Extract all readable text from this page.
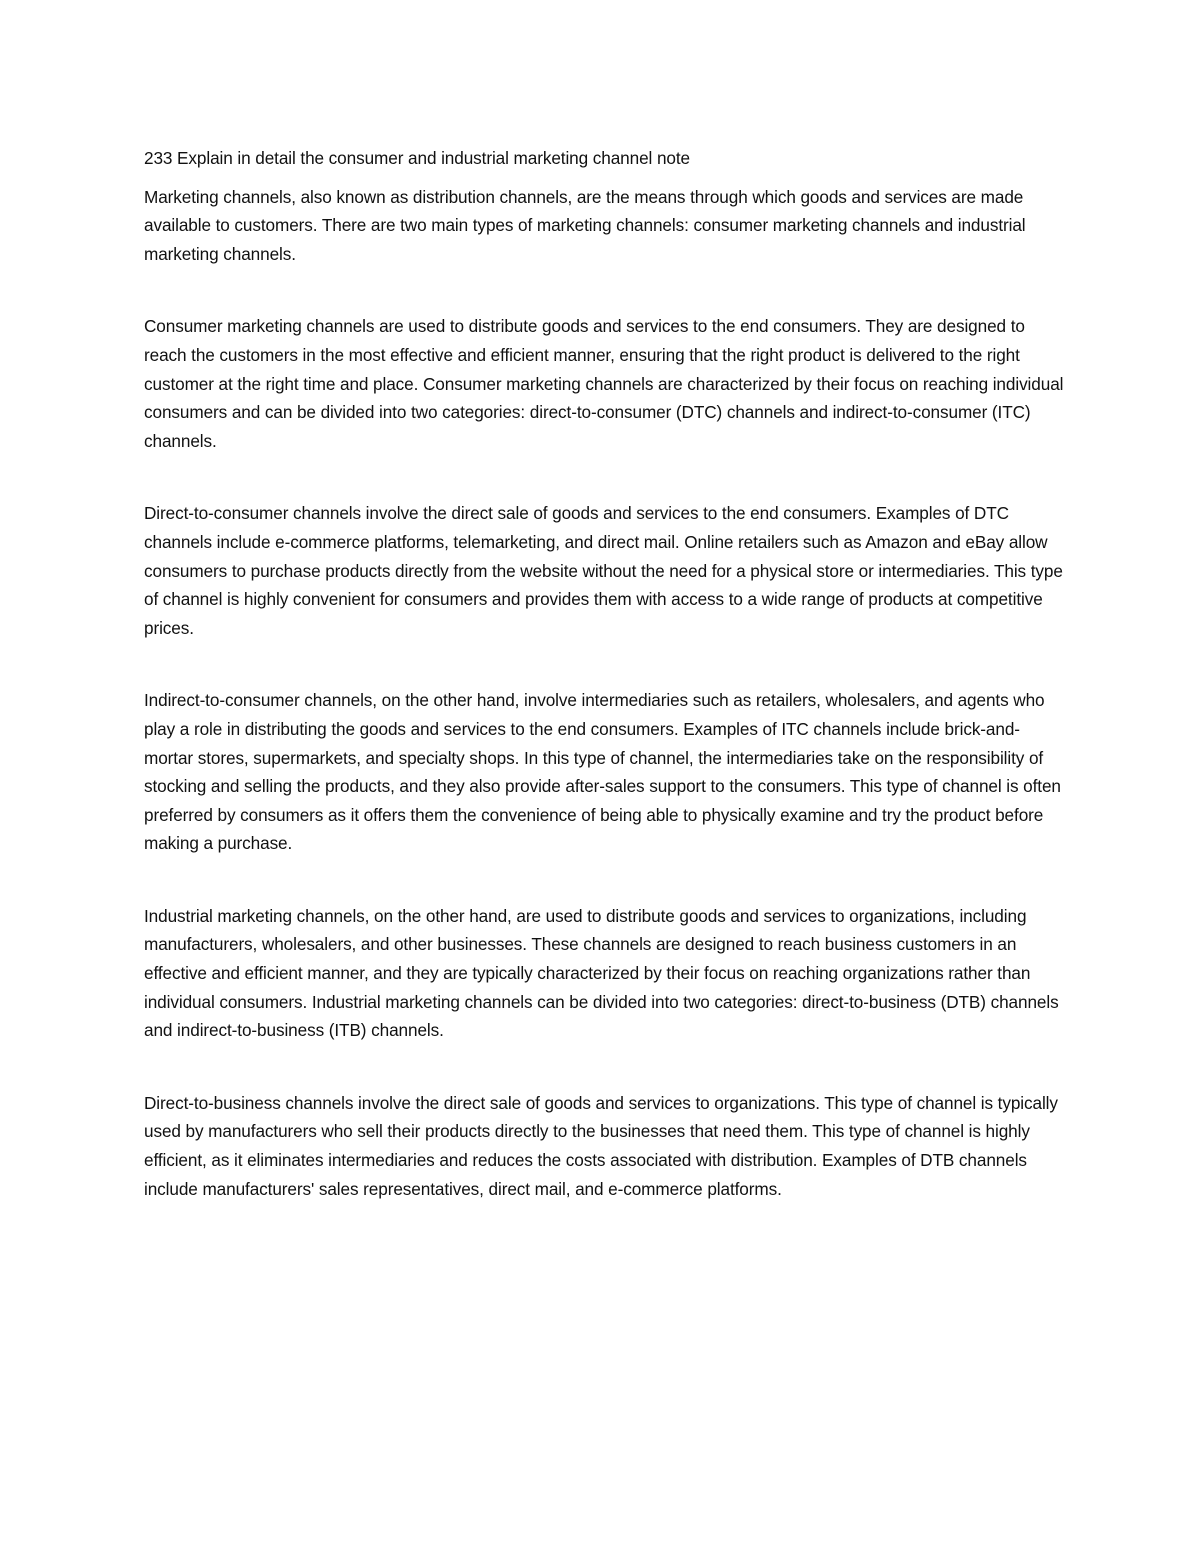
233 Explain in detail the consumer and industrial marketing channel note

Marketing channels, also known as distribution channels, are the means through which goods and services are made available to customers. There are two main types of marketing channels: consumer marketing channels and industrial marketing channels.

Consumer marketing channels are used to distribute goods and services to the end consumers. They are designed to reach the customers in the most effective and efficient manner, ensuring that the right product is delivered to the right customer at the right time and place. Consumer marketing channels are characterized by their focus on reaching individual consumers and can be divided into two categories: direct-to-consumer (DTC) channels and indirect-to-consumer (ITC) channels.

Direct-to-consumer channels involve the direct sale of goods and services to the end consumers. Examples of DTC channels include e-commerce platforms, telemarketing, and direct mail. Online retailers such as Amazon and eBay allow consumers to purchase products directly from the website without the need for a physical store or intermediaries. This type of channel is highly convenient for consumers and provides them with access to a wide range of products at competitive prices.

Indirect-to-consumer channels, on the other hand, involve intermediaries such as retailers, wholesalers, and agents who play a role in distributing the goods and services to the end consumers. Examples of ITC channels include brick-and-mortar stores, supermarkets, and specialty shops. In this type of channel, the intermediaries take on the responsibility of stocking and selling the products, and they also provide after-sales support to the consumers. This type of channel is often preferred by consumers as it offers them the convenience of being able to physically examine and try the product before making a purchase.

Industrial marketing channels, on the other hand, are used to distribute goods and services to organizations, including manufacturers, wholesalers, and other businesses. These channels are designed to reach business customers in an effective and efficient manner, and they are typically characterized by their focus on reaching organizations rather than individual consumers. Industrial marketing channels can be divided into two categories: direct-to-business (DTB) channels and indirect-to-business (ITB) channels.

Direct-to-business channels involve the direct sale of goods and services to organizations. This type of channel is typically used by manufacturers who sell their products directly to the businesses that need them. This type of channel is highly efficient, as it eliminates intermediaries and reduces the costs associated with distribution. Examples of DTB channels include manufacturers' sales representatives, direct mail, and e-commerce platforms.
